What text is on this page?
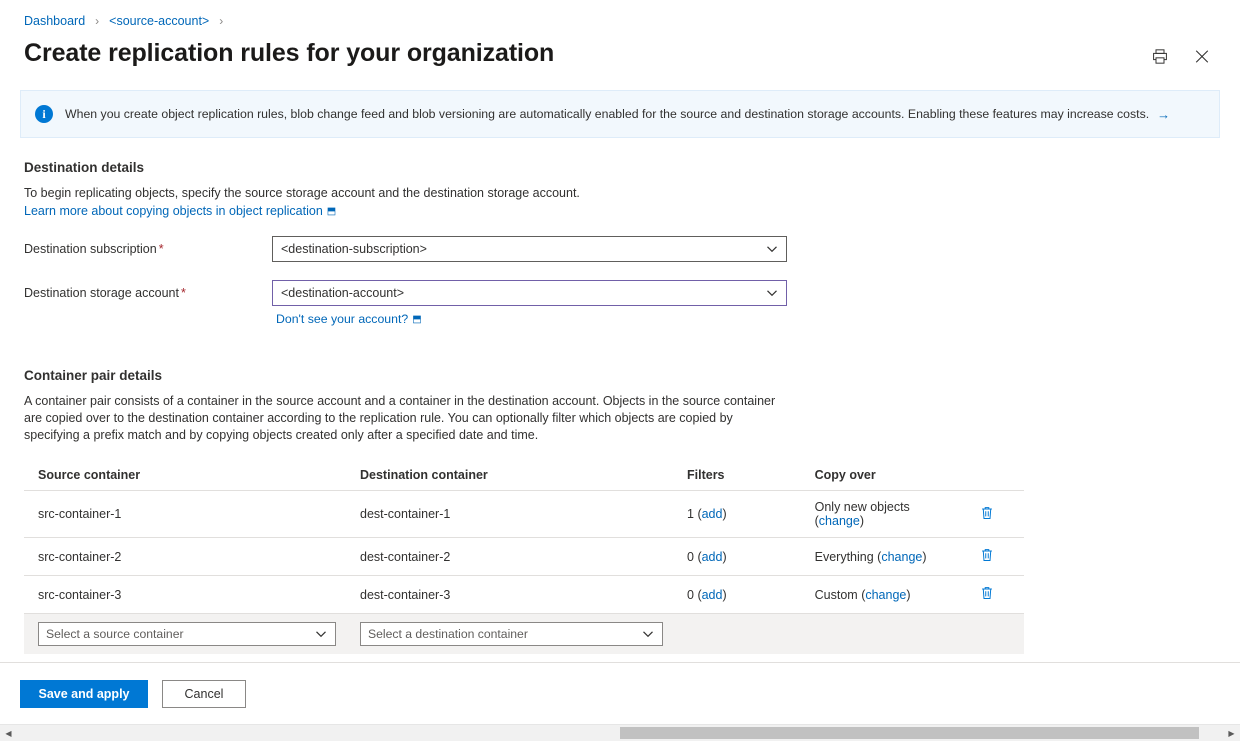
Dashboard › <source-account> ›
Create replication rules for your organization
i	When you create object replication rules, blob change feed and blob versioning are automatically enabled for the source and destination storage accounts. Enabling these features may increase costs. →
Destination details
To begin replicating objects, specify the source storage account and the destination storage account.
Learn more about copying objects in object replication ⬒
Destination subscription *	<destination-subscription>
Destination storage account *	<destination-account>
Don't see your account? ⬒
Container pair details
A container pair consists of a container in the source account and a container in the destination account. Objects in the source container are copied over to the destination container according to the replication rule. You can optionally filter which objects are copied by specifying a prefix match and by copying objects created only after a specified date and time.
Source container	Destination container	Filters	Copy over	
src-container-1	dest-container-1	1 (add)	Only new objects (change)	
src-container-2	dest-container-2	0 (add)	Everything (change)	
src-container-3	dest-container-3	0 (add)	Custom (change)	

Select a source container	Select a destination container			

Save and apply	Cancel
◀	▶
